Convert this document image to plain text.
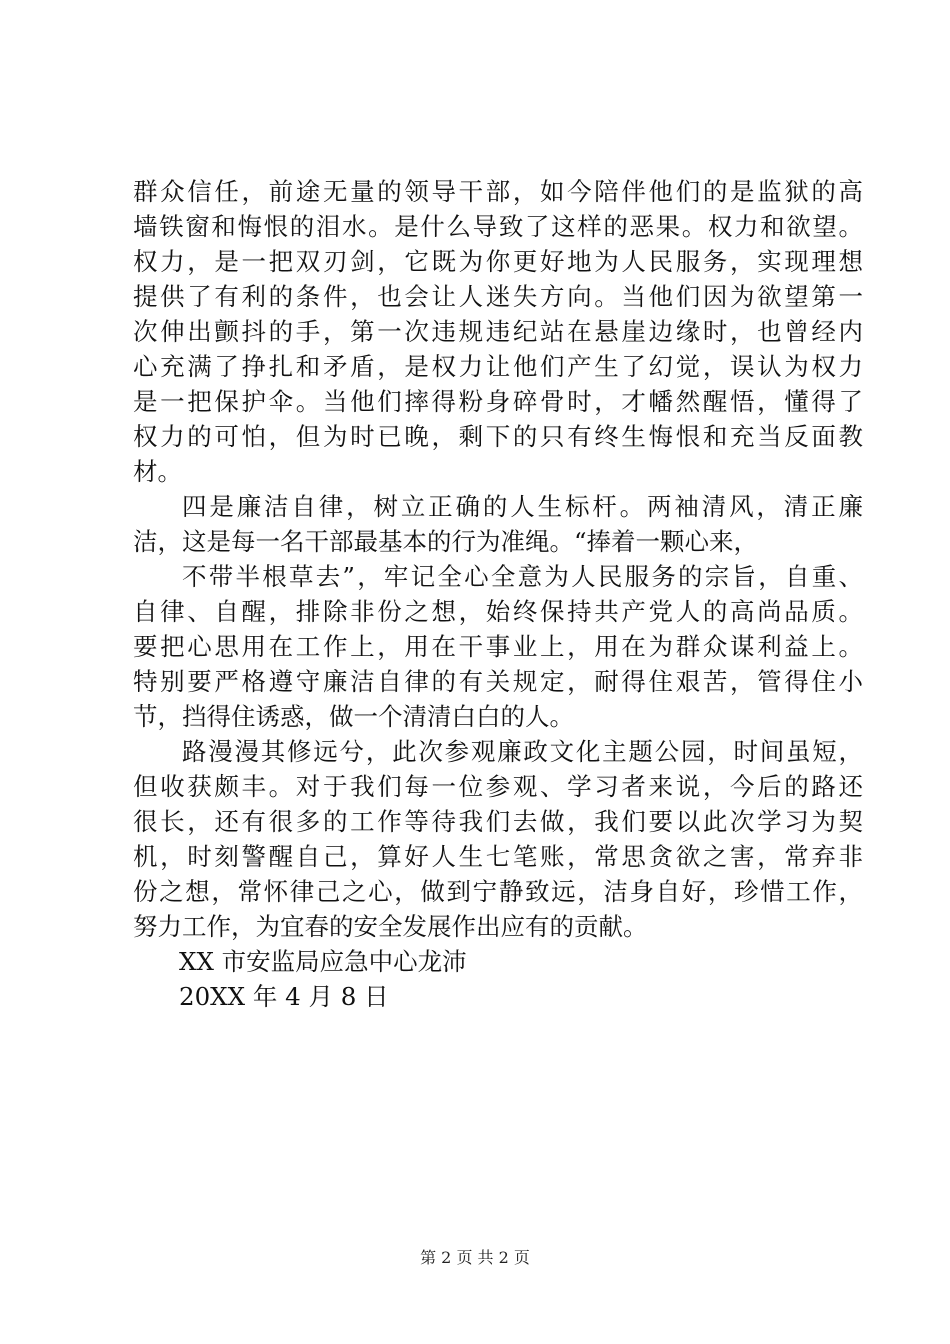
群众信任，前途无量的领导干部，如今陪伴他们的是监狱的高
墙铁窗和悔恨的泪水。是什么导致了这样的恶果。权力和欲望。
权力，是一把双刃剑，它既为你更好地为人民服务，实现理想
提供了有利的条件，也会让人迷失方向。当他们因为欲望第一
次伸出颤抖的手，第一次违规违纪站在悬崖边缘时，也曾经内
心充满了挣扎和矛盾，是权力让他们产生了幻觉，误认为权力
是一把保护伞。当他们摔得粉身碎骨时，才幡然醒悟，懂得了
权力的可怕，但为时已晚，剩下的只有终生悔恨和充当反面教
材。
四是廉洁自律，树立正确的人生标杆。两袖清风，清正廉
洁，这是每一名干部最基本的行为准绳。“捧着一颗心来，
不带半根草去”，牢记全心全意为人民服务的宗旨，自重、
自律、自醒，排除非份之想，始终保持共产党人的高尚品质。
要把心思用在工作上，用在干事业上，用在为群众谋利益上。
特别要严格遵守廉洁自律的有关规定，耐得住艰苦，管得住小
节，挡得住诱惑，做一个清清白白的人。
路漫漫其修远兮，此次参观廉政文化主题公园，时间虽短，
但收获颇丰。对于我们每一位参观、学习者来说，今后的路还
很长，还有很多的工作等待我们去做，我们要以此次学习为契
机，时刻警醒自己，算好人生七笔账，常思贪欲之害，常弃非
份之想，常怀律己之心，做到宁静致远，洁身自好，珍惜工作，
努力工作，为宜春的安全发展作出应有的贡献。
XX 市安监局应急中心龙沛
20XX 年 4 月 8 日
第 2 页 共 2 页
